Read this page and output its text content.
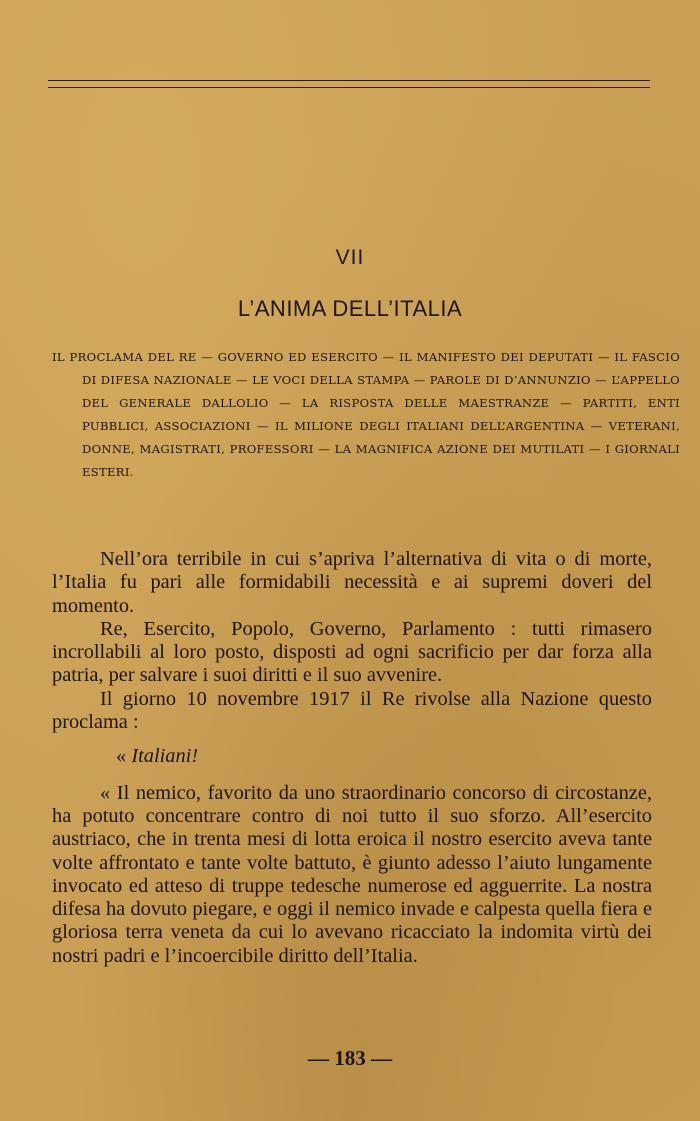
VII
L’ANIMA DELL’ITALIA

IL PROCLAMA DEL RE — GOVERNO ED ESERCITO — IL MANIFESTO DEI DEPUTATI — IL FASCIO DI DIFESA NAZIONALE — LE VOCI DELLA STAMPA — PAROLE DI D’ANNUNZIO — L’APPELLO DEL GENERALE DALLOLIO — LA RISPOSTA DELLE MAESTRANZE — PARTITI, ENTI PUBBLICI, ASSOCIAZIONI — IL MILIONE DEGLI ITALIANI DELL’ARGENTINA — VETERANI, DONNE, MAGISTRATI, PROFESSORI — LA MAGNIFICA AZIONE DEI MUTILATI — I GIORNALI ESTERI.

Nell’ora terribile in cui s’apriva l’alternativa di vita o di morte, l’Italia fu pari alle formidabili necessità e ai supremi doveri del momento.

Re, Esercito, Popolo, Governo, Parlamento : tutti rimasero incrollabili al loro posto, disposti ad ogni sacrificio per dar forza alla patria, per salvare i suoi diritti e il suo avvenire.

Il giorno 10 novembre 1917 il Re rivolse alla Nazione questo proclama :

« Italiani!

« Il nemico, favorito da uno straordinario concorso di circostanze, ha potuto concentrare contro di noi tutto il suo sforzo. All’esercito austriaco, che in trenta mesi di lotta eroica il nostro esercito aveva tante volte affrontato e tante volte battuto, è giunto adesso l’aiuto lungamente invocato ed atteso di truppe tedesche numerose ed agguerrite. La nostra difesa ha dovuto piegare, e oggi il nemico invade e calpesta quella fiera e gloriosa terra veneta da cui lo avevano ricacciato la indomita virtù dei nostri padri e l’incoercibile diritto dell’Italia.

— 183 —
